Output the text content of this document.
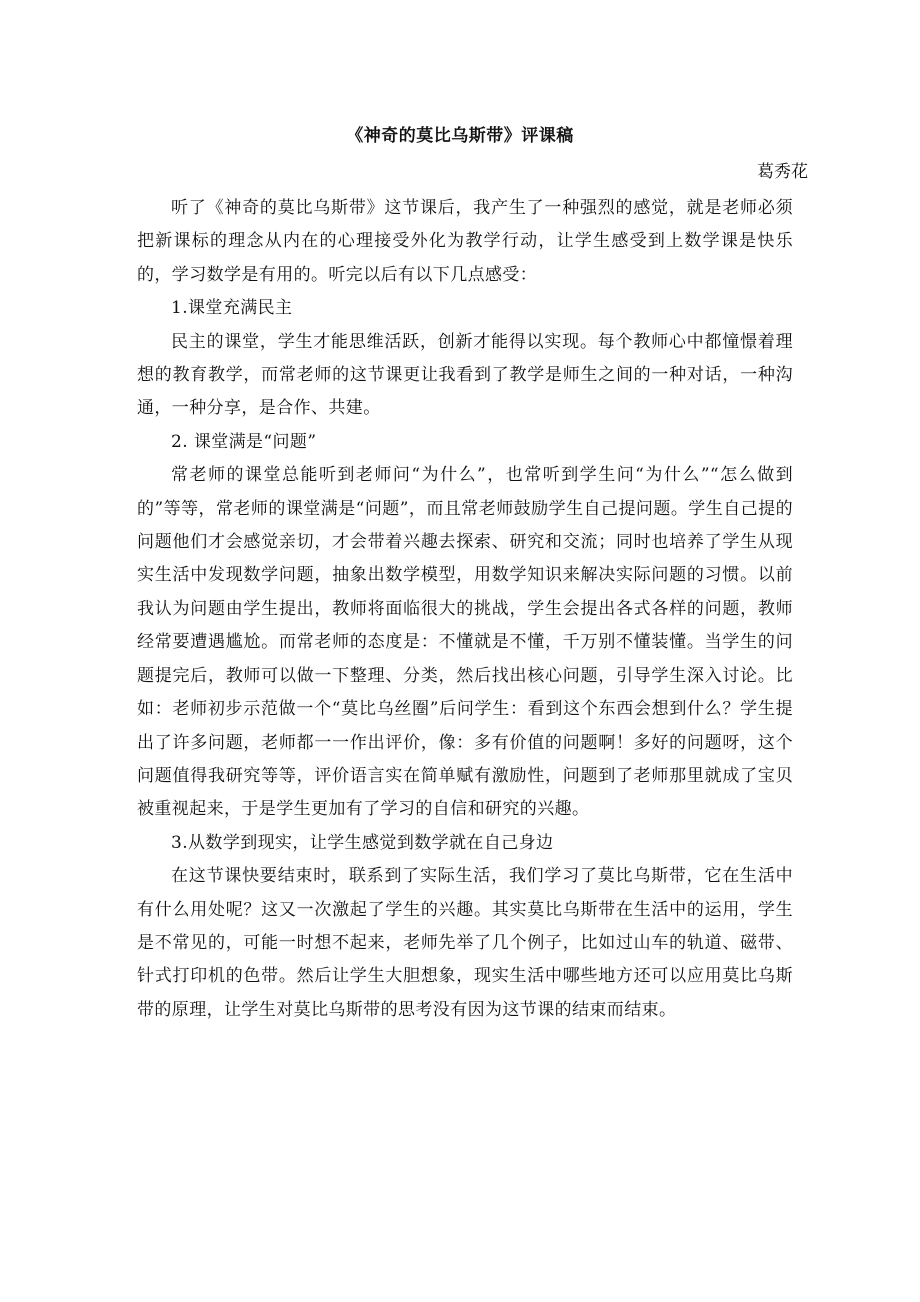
《神奇的莫比乌斯带》评课稿
葛秀花

听了《神奇的莫比乌斯带》这节课后，我产生了一种强烈的感觉，就是老师必须把新课标的理念从内在的心理接受外化为教学行动，让学生感受到上数学课是快乐的，学习数学是有用的。听完以后有以下几点感受：

1.课堂充满民主

民主的课堂，学生才能思维活跃，创新才能得以实现。每个教师心中都憧憬着理想的教育教学，而常老师的这节课更让我看到了教学是师生之间的一种对话，一种沟通，一种分享，是合作、共建。

2. 课堂满是“问题”

常老师的课堂总能听到老师问“为什么”，也常听到学生问“为什么”“怎么做到的”等等，常老师的课堂满是“问题”，而且常老师鼓励学生自己提问题。学生自己提的问题他们才会感觉亲切，才会带着兴趣去探索、研究和交流；同时也培养了学生从现实生活中发现数学问题，抽象出数学模型，用数学知识来解决实际问题的习惯。以前我认为问题由学生提出，教师将面临很大的挑战，学生会提出各式各样的问题，教师经常要遭遇尴尬。而常老师的态度是：不懂就是不懂，千万别不懂装懂。当学生的问题提完后，教师可以做一下整理、分类，然后找出核心问题，引导学生深入讨论。比如：老师初步示范做一个“莫比乌丝圈”后问学生：看到这个东西会想到什么？学生提出了许多问题，老师都一一作出评价，像：多有价值的问题啊！多好的问题呀，这个问题值得我研究等等，评价语言实在简单赋有激励性，问题到了老师那里就成了宝贝被重视起来，于是学生更加有了学习的自信和研究的兴趣。

3.从数学到现实，让学生感觉到数学就在自己身边

在这节课快要结束时，联系到了实际生活，我们学习了莫比乌斯带，它在生活中有什么用处呢？这又一次激起了学生的兴趣。其实莫比乌斯带在生活中的运用，学生是不常见的，可能一时想不起来，老师先举了几个例子，比如过山车的轨道、磁带、针式打印机的色带。然后让学生大胆想象，现实生活中哪些地方还可以应用莫比乌斯带的原理，让学生对莫比乌斯带的思考没有因为这节课的结束而结束。
